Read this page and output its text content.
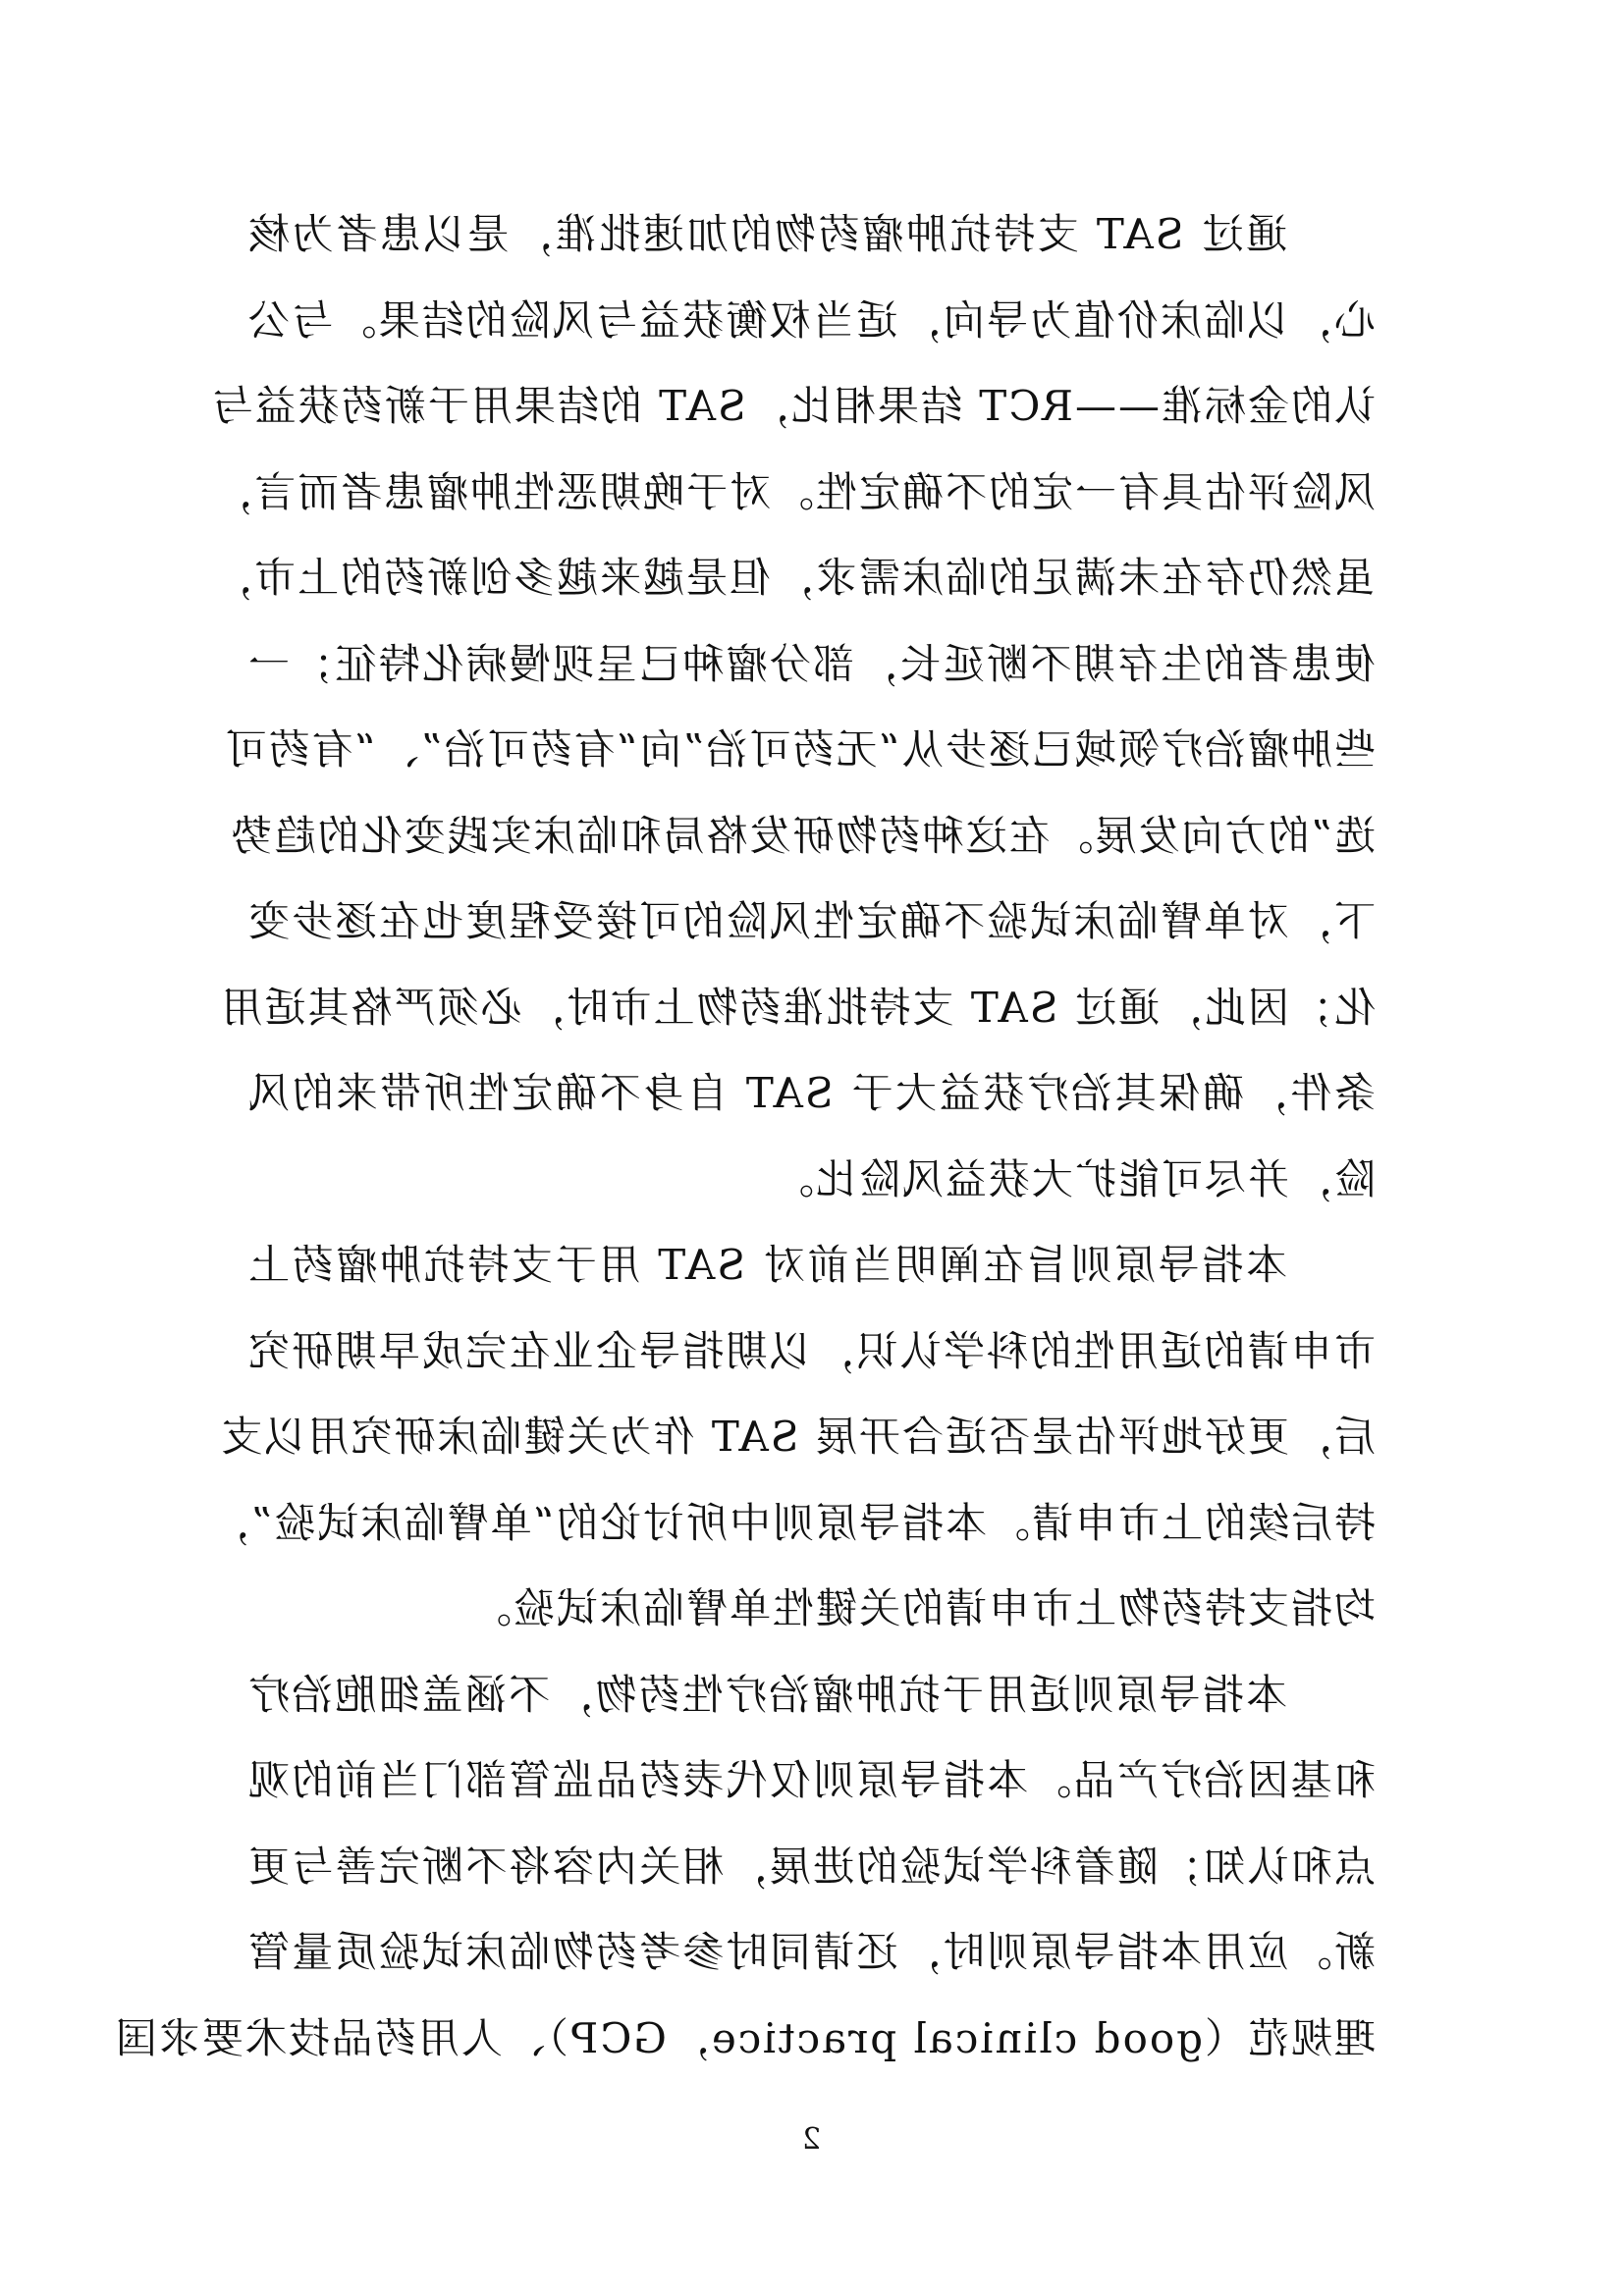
通过 SAT 支持抗肿瘤药物的加速批准，是以患者为核
心，以临床价值为导向，适当权衡获益与风险的结果。与公
认的金标准——RCT 结果相比，SAT 的结果用于新药获益与
风险评估具有一定的不确定性。对于晚期恶性肿瘤患者而言，
虽然仍存在未满足的临床需求，但是越来越多创新药的上市，
使患者的生存期不断延长，部分瘤种已呈现慢病化特征；一
些肿瘤治疗领域已逐步从“无药可治”向“有药可治”、“有药可
选”的方向发展。在这种药物研发格局和临床实践变化的趋势
下，对单臂临床试验不确定性风险的可接受程度也在逐步变
化；因此，通过 SAT 支持批准药物上市时，必须严格其适用
条件，确保其治疗获益大于 SAT 自身不确定性所带来的风
险，并尽可能扩大获益风险比。
本指导原则旨在阐明当前对 SAT 用于支持抗肿瘤药上
市申请的适用性的科学认识，以期指导企业在完成早期研究
后，更好地评估是否适合开展 SAT 作为关键临床研究用以支
持后续的上市申请。本指导原则中所讨论的“单臂临床试验”，
均指支持药物上市申请的关键性单臂临床试验。
本指导原则适用于抗肿瘤治疗性药物，不涵盖细胞治疗
和基因治疗产品。本指导原则仅代表药品监管部门当前的观
点和认知；随着科学试验的进展，相关内容将不断完善与更
新。应用本指导原则时，还请同时参考药物临床试验质量管
理规范（good clinical practice，GCP）、人用药品技术要求国
2
